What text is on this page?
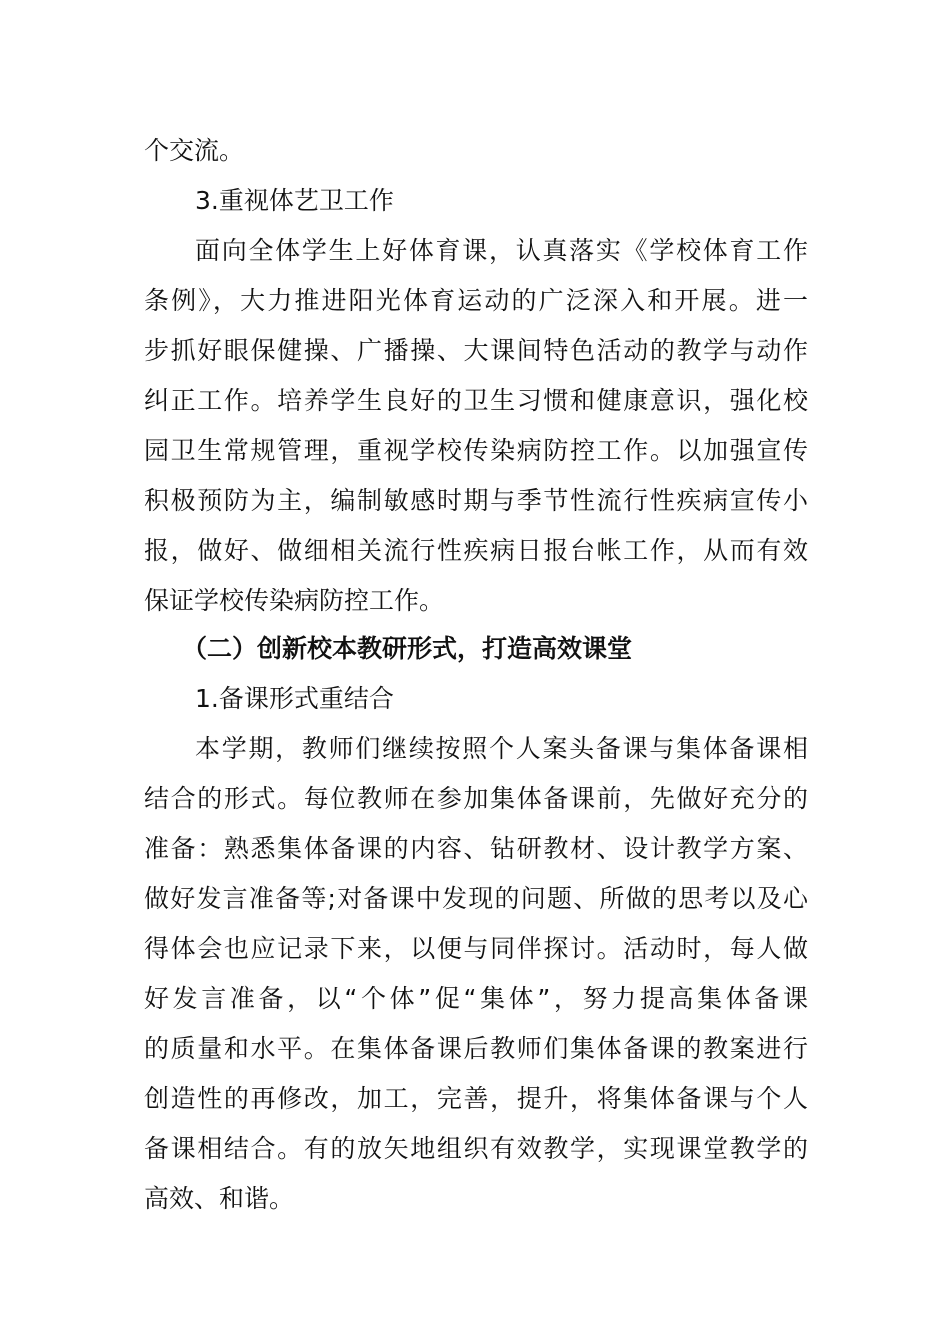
个交流。
3.重视体艺卫工作
面向全体学生上好体育课，认真落实《学校体育工作
条例》，大力推进阳光体育运动的广泛深入和开展。进一
步抓好眼保健操、广播操、大课间特色活动的教学与动作
纠正工作。培养学生良好的卫生习惯和健康意识，强化校
园卫生常规管理，重视学校传染病防控工作。以加强宣传
积极预防为主，编制敏感时期与季节性流行性疾病宣传小
报，做好、做细相关流行性疾病日报台帐工作，从而有效
保证学校传染病防控工作。
（二）创新校本教研形式，打造高效课堂
1.备课形式重结合
本学期，教师们继续按照个人案头备课与集体备课相
结合的形式。每位教师在参加集体备课前，先做好充分的
准备：熟悉集体备课的内容、钻研教材、设计教学方案、
做好发言准备等;对备课中发现的问题、所做的思考以及心
得体会也应记录下来，以便与同伴探讨。活动时，每人做
好发言准备，以“个体”促“集体”，努力提高集体备课
的质量和水平。在集体备课后教师们集体备课的教案进行
创造性的再修改，加工，完善，提升，将集体备课与个人
备课相结合。有的放矢地组织有效教学，实现课堂教学的
高效、和谐。
